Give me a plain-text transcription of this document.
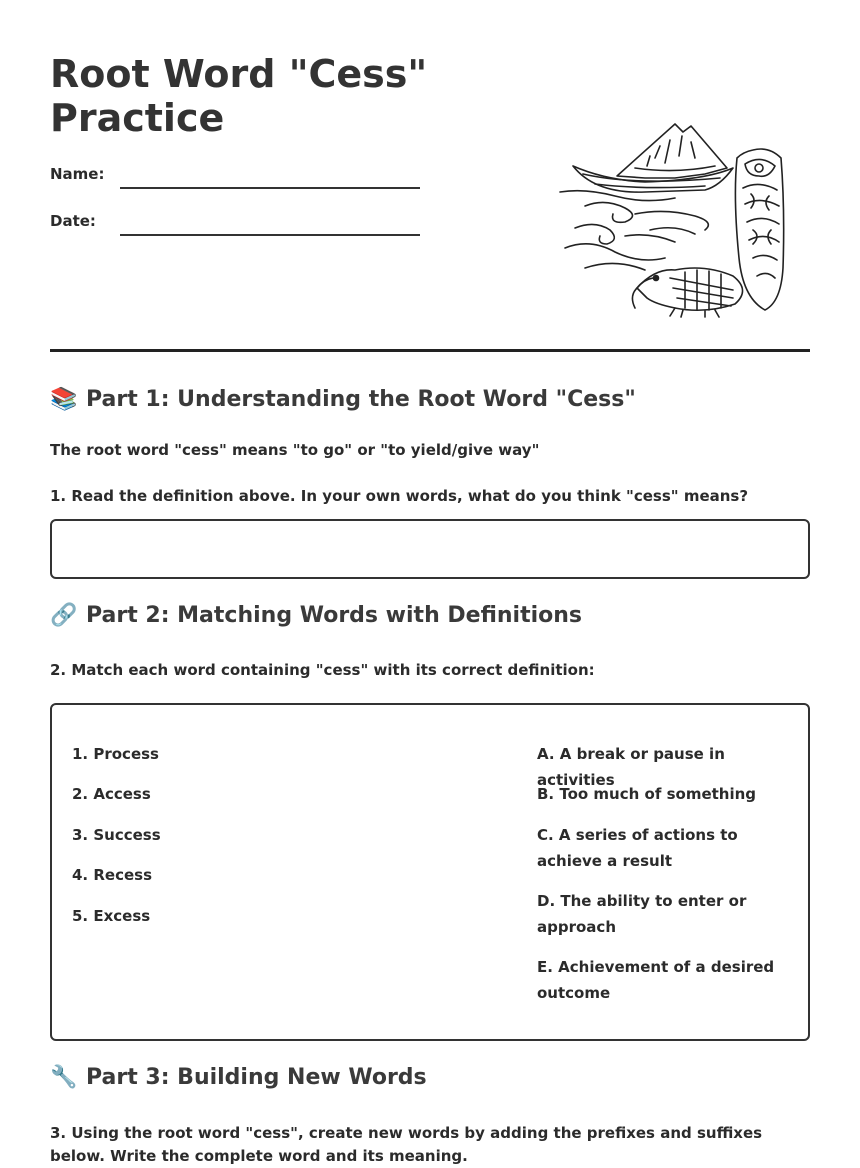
Root Word "Cess"
Practice
Name:
Date:
📚 Part 1: Understanding the Root Word "Cess"
The root word "cess" means "to go" or "to yield/give way"
1. Read the definition above. In your own words, what do you think "cess" means?
🔗 Part 2: Matching Words with Definitions
2. Match each word containing "cess" with its correct definition:
1. Process
2. Access
3. Success
4. Recess
5. Excess
A. A break or pause in activities
B. Too much of something
C. A series of actions to achieve a result
D. The ability to enter or approach
E. Achievement of a desired outcome
🔧 Part 3: Building New Words
3. Using the root word "cess", create new words by adding the prefixes and suffixes below. Write the complete word and its meaning.
